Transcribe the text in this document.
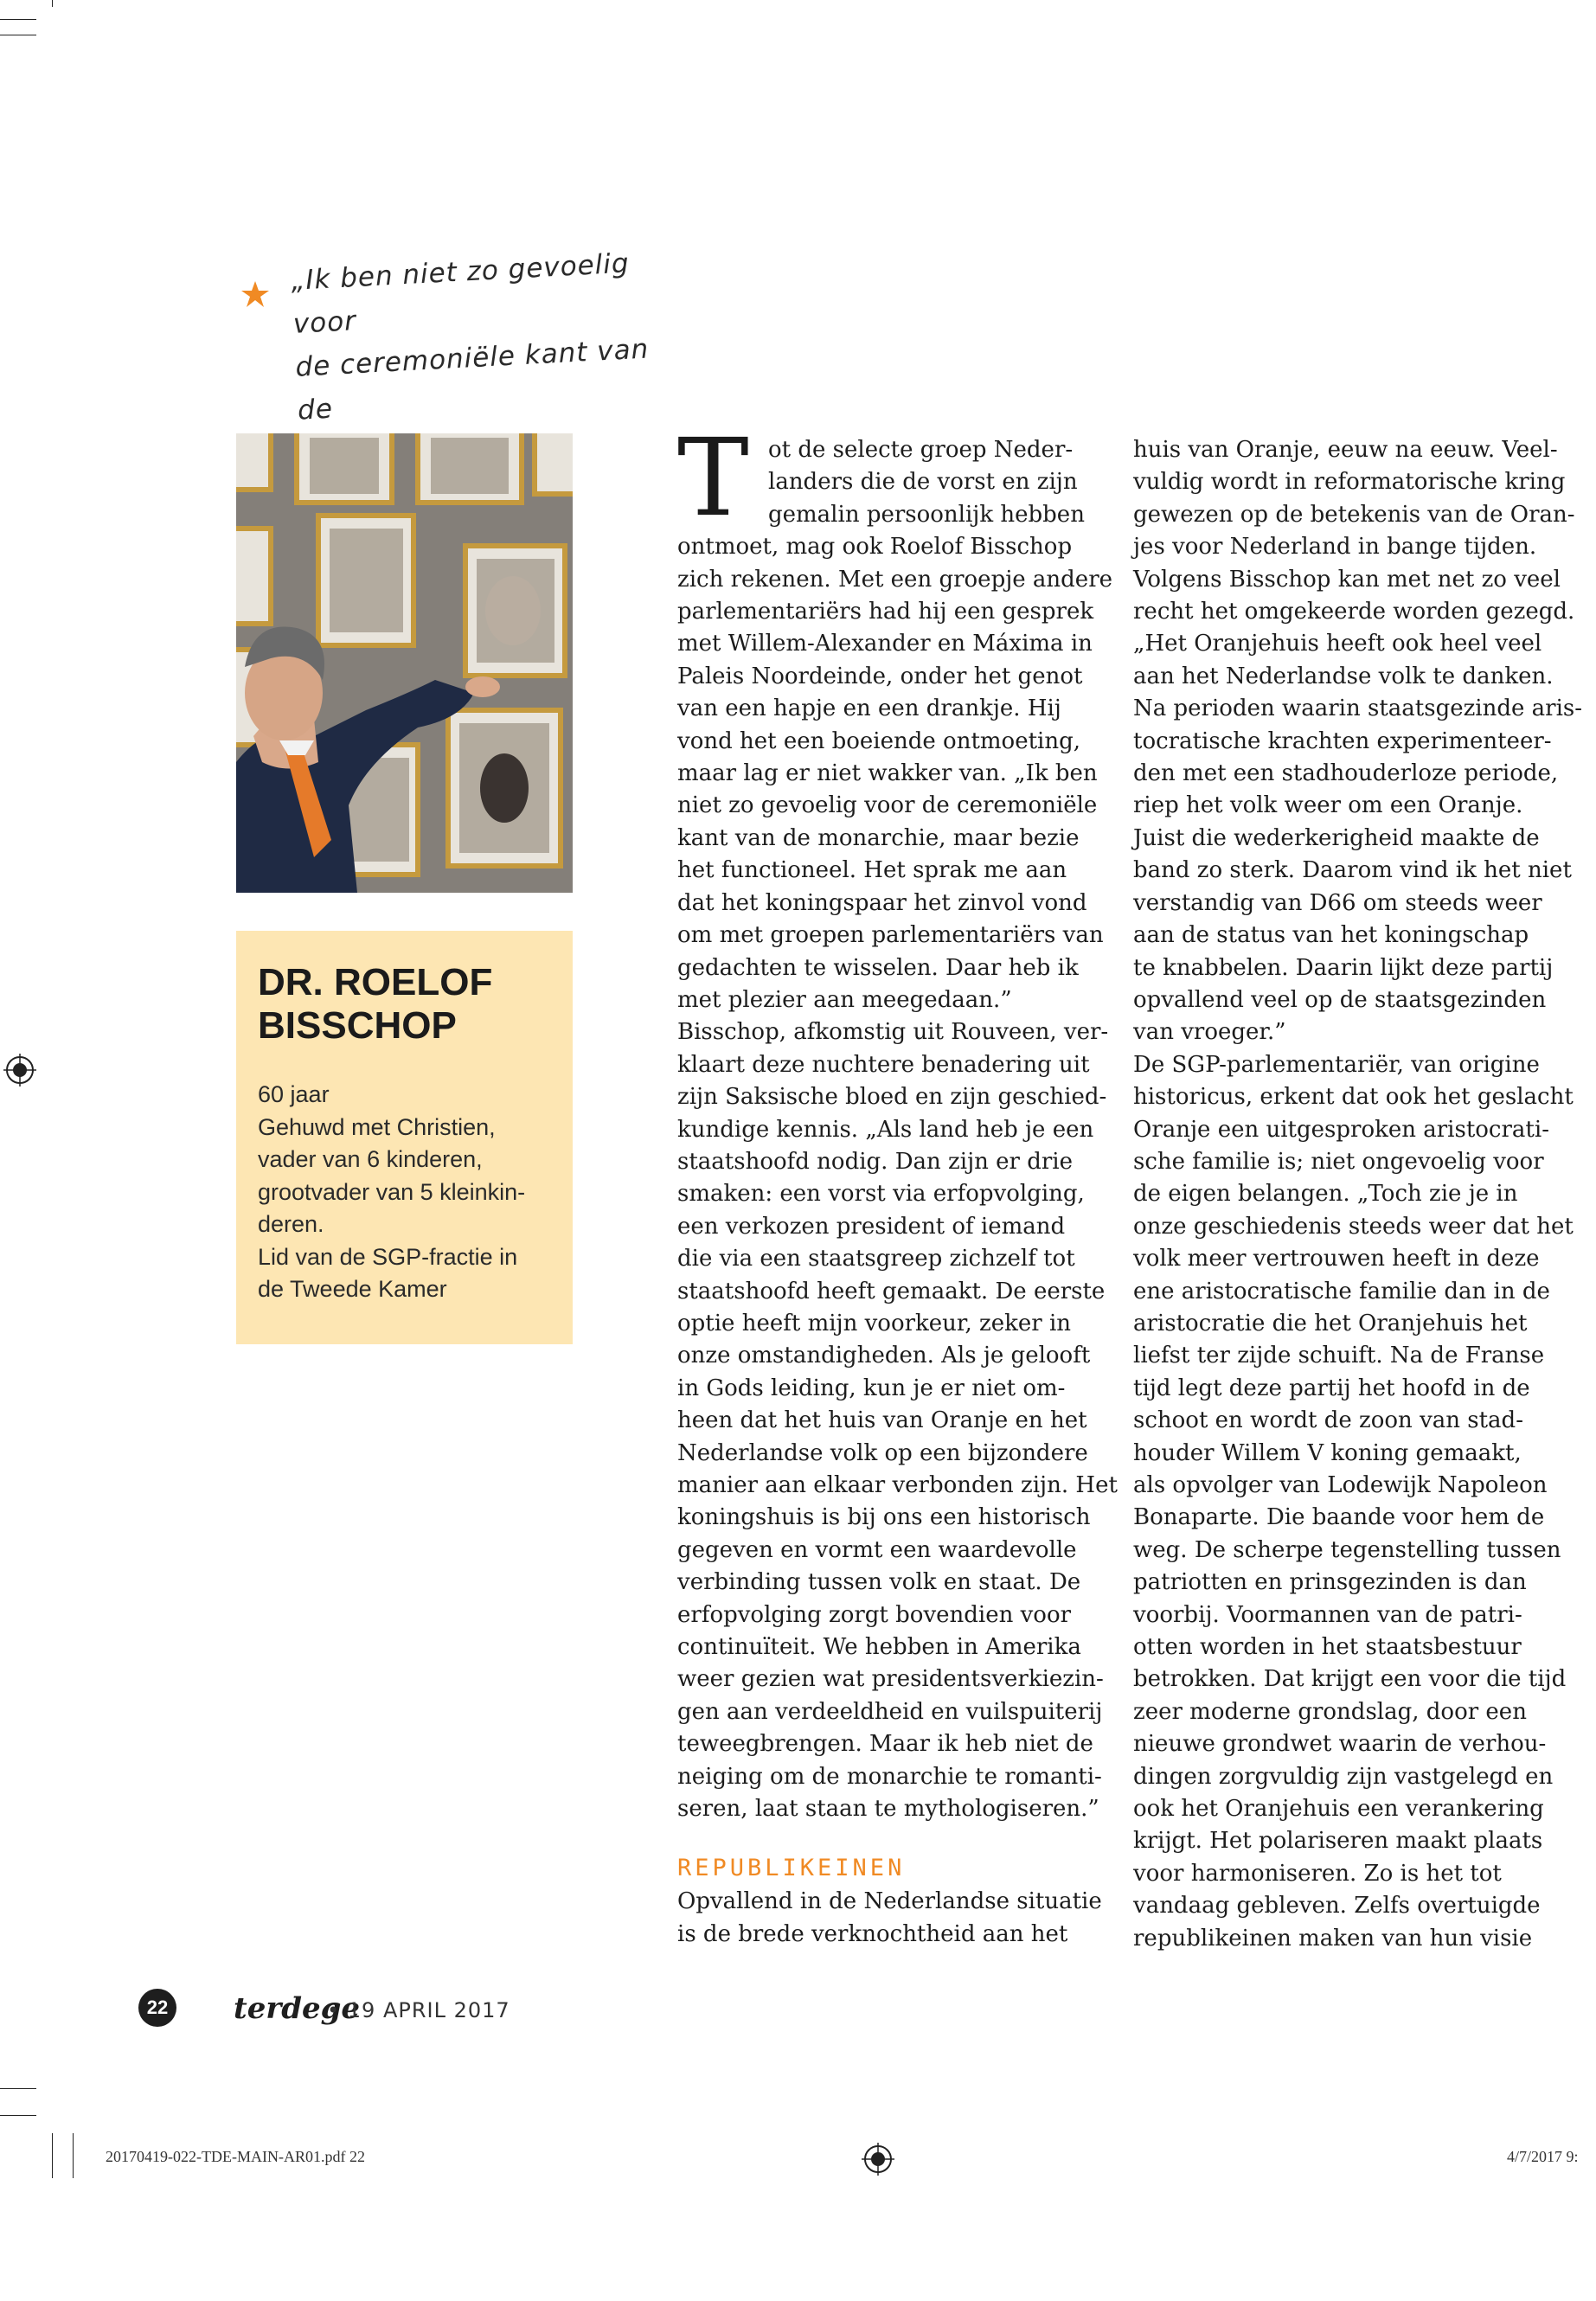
„Ik ben niet zo gevoelig voor
de ceremoniële kant van de
DR. ROELOF
BISSCHOP
60 jaar
Gehuwd met Christien,
vader van 6 kinderen,
grootvader van 5 kleinkin-
deren.
Lid van de SGP-fractie in
de Tweede Kamer
T ot de selecte groep Neder-
landers die de vorst en zijn
gemalin persoonlijk hebben
ontmoet, mag ook Roelof Bisschop
zich rekenen. Met een groepje andere
parlementariërs had hij een gesprek
met Willem-Alexander en Máxima in
Paleis Noordeinde, onder het genot
van een hapje en een drankje. Hij
vond het een boeiende ontmoeting,
maar lag er niet wakker van. „Ik ben
niet zo gevoelig voor de ceremoniële
kant van de monarchie, maar bezie
het functioneel. Het sprak me aan
dat het koningspaar het zinvol vond
om met groepen parlementariërs van
gedachten te wisselen. Daar heb ik
met plezier aan meegedaan.”
Bisschop, afkomstig uit Rouveen, ver-
klaart deze nuchtere benadering uit
zijn Saksische bloed en zijn geschied-
kundige kennis. „Als land heb je een
staatshoofd nodig. Dan zijn er drie
smaken: een vorst via erfopvolging,
een verkozen president of iemand
die via een staatsgreep zichzelf tot
staatshoofd heeft gemaakt. De eerste
optie heeft mijn voorkeur, zeker in
onze omstandigheden. Als je gelooft
in Gods leiding, kun je er niet om-
heen dat het huis van Oranje en het
Nederlandse volk op een bijzondere
manier aan elkaar verbonden zijn. Het
koningshuis is bij ons een historisch
gegeven en vormt een waardevolle
verbinding tussen volk en staat. De
erfopvolging zorgt bovendien voor
continuïteit. We hebben in Amerika
weer gezien wat presidentsverkiezin-
gen aan verdeeldheid en vuilspuiterij
teweegbrengen. Maar ik heb niet de
neiging om de monarchie te romanti-
seren, laat staan te mythologiseren.”
REPUBLIKEINEN
Opvallend in de Nederlandse situatie
is de brede verknochtheid aan het
huis van Oranje, eeuw na eeuw. Veel-
vuldig wordt in reformatorische kring
gewezen op de betekenis van de Oran-
jes voor Nederland in bange tijden.
Volgens Bisschop kan met net zo veel
recht het omgekeerde worden gezegd.
„Het Oranjehuis heeft ook heel veel
aan het Nederlandse volk te danken.
Na perioden waarin staatsgezinde aris-
tocratische krachten experimenteer-
den met een stadhouderloze periode,
riep het volk weer om een Oranje.
Juist die wederkerigheid maakte de
band zo sterk. Daarom vind ik het niet
verstandig van D66 om steeds weer
aan de status van het koningschap
te knabbelen. Daarin lijkt deze partij
opvallend veel op de staatsgezinden
van vroeger.”
De SGP-parlementariër, van origine
historicus, erkent dat ook het geslacht
Oranje een uitgesproken aristocrati-
sche familie is; niet ongevoelig voor
de eigen belangen. „Toch zie je in
onze geschiedenis steeds weer dat het
volk meer vertrouwen heeft in deze
ene aristocratische familie dan in de
aristocratie die het Oranjehuis het
liefst ter zijde schuift. Na de Franse
tijd legt deze partij het hoofd in de
schoot en wordt de zoon van stad-
houder Willem V koning gemaakt,
als opvolger van Lodewijk Napoleon
Bonaparte. Die baande voor hem de
weg. De scherpe tegenstelling tussen
patriotten en prinsgezinden is dan
voorbij. Voormannen van de patri-
otten worden in het staatsbestuur
betrokken. Dat krijgt een voor die tijd
zeer moderne grondslag, door een
nieuwe grondwet waarin de verhou-
dingen zorgvuldig zijn vastgelegd en
ook het Oranjehuis een verankering
krijgt. Het polariseren maakt plaats
voor harmoniseren. Zo is het tot
vandaag gebleven. Zelfs overtuigde
republikeinen maken van hun visie
22 terdege
• 19 APRIL 2017
20170419-022-TDE-MAIN-AR01.pdf 22	4/7/2017 9:
